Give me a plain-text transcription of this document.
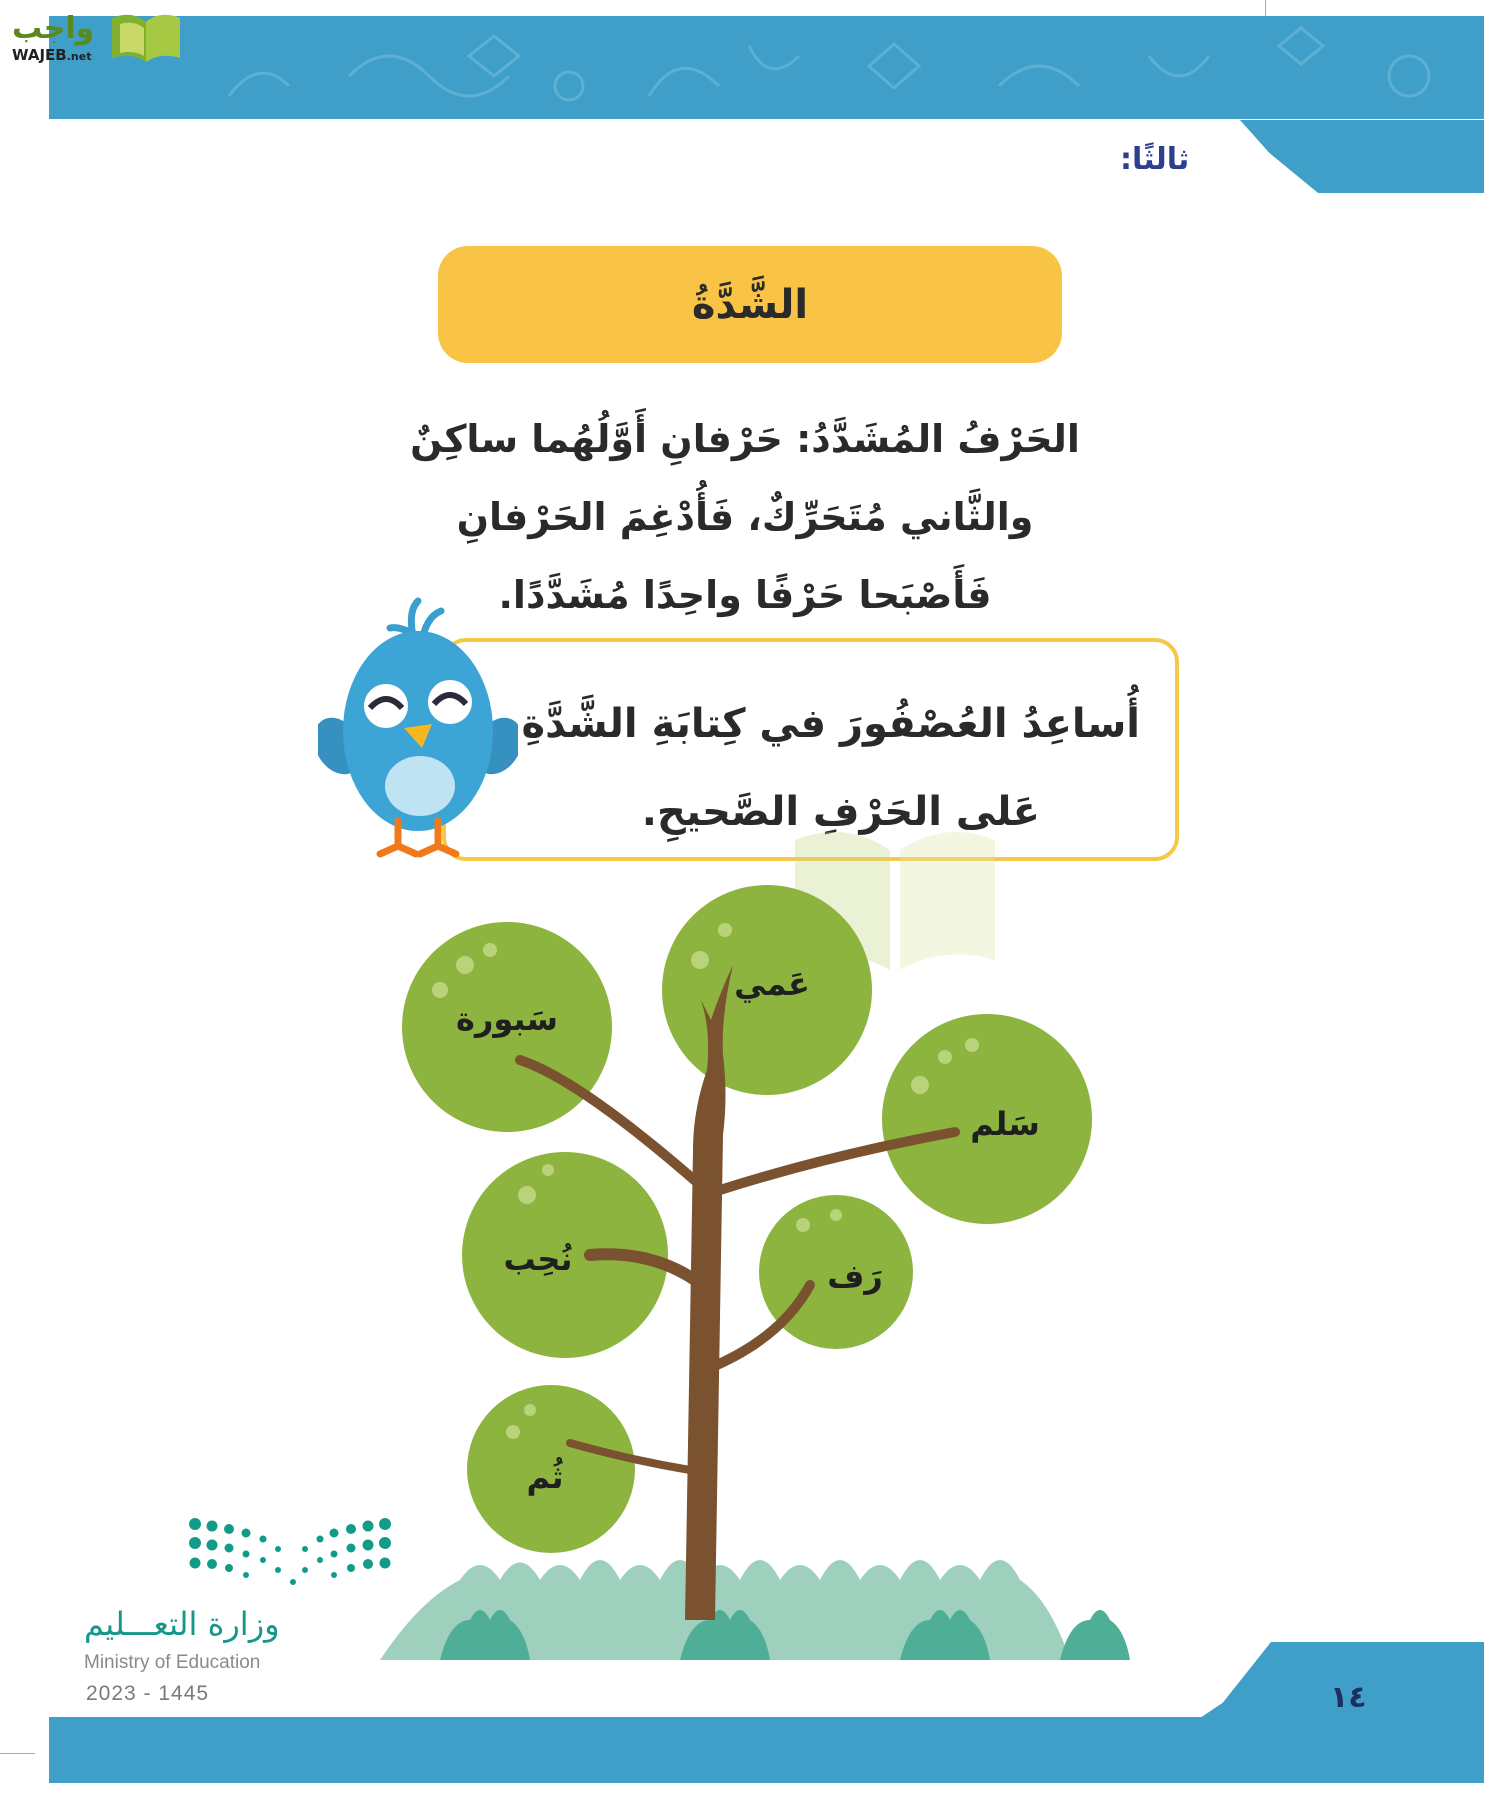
واجب
WAJEB.net
ثالثًا:
الشَّدَّةُ
الحَرْفُ المُشَدَّدُ: حَرْفانِ أَوَّلُهُما ساكِنٌ
والثَّاني مُتَحَرِّكٌ، فَأُدْغِمَ الحَرْفانِ
فَأَصْبَحا حَرْفًا واحِدًا مُشَدَّدًا.
أُساعِدُ العُصْفُورَ في كِتابَةِ الشَّدَّةِ
عَلى الحَرْفِ الصَّحيحِ.
سَبورة
عَمي
سَلم
نُحِب	رَف
ثُم
وزارة التعـــليم
Ministry of Education
2023 - 1445	١٤
